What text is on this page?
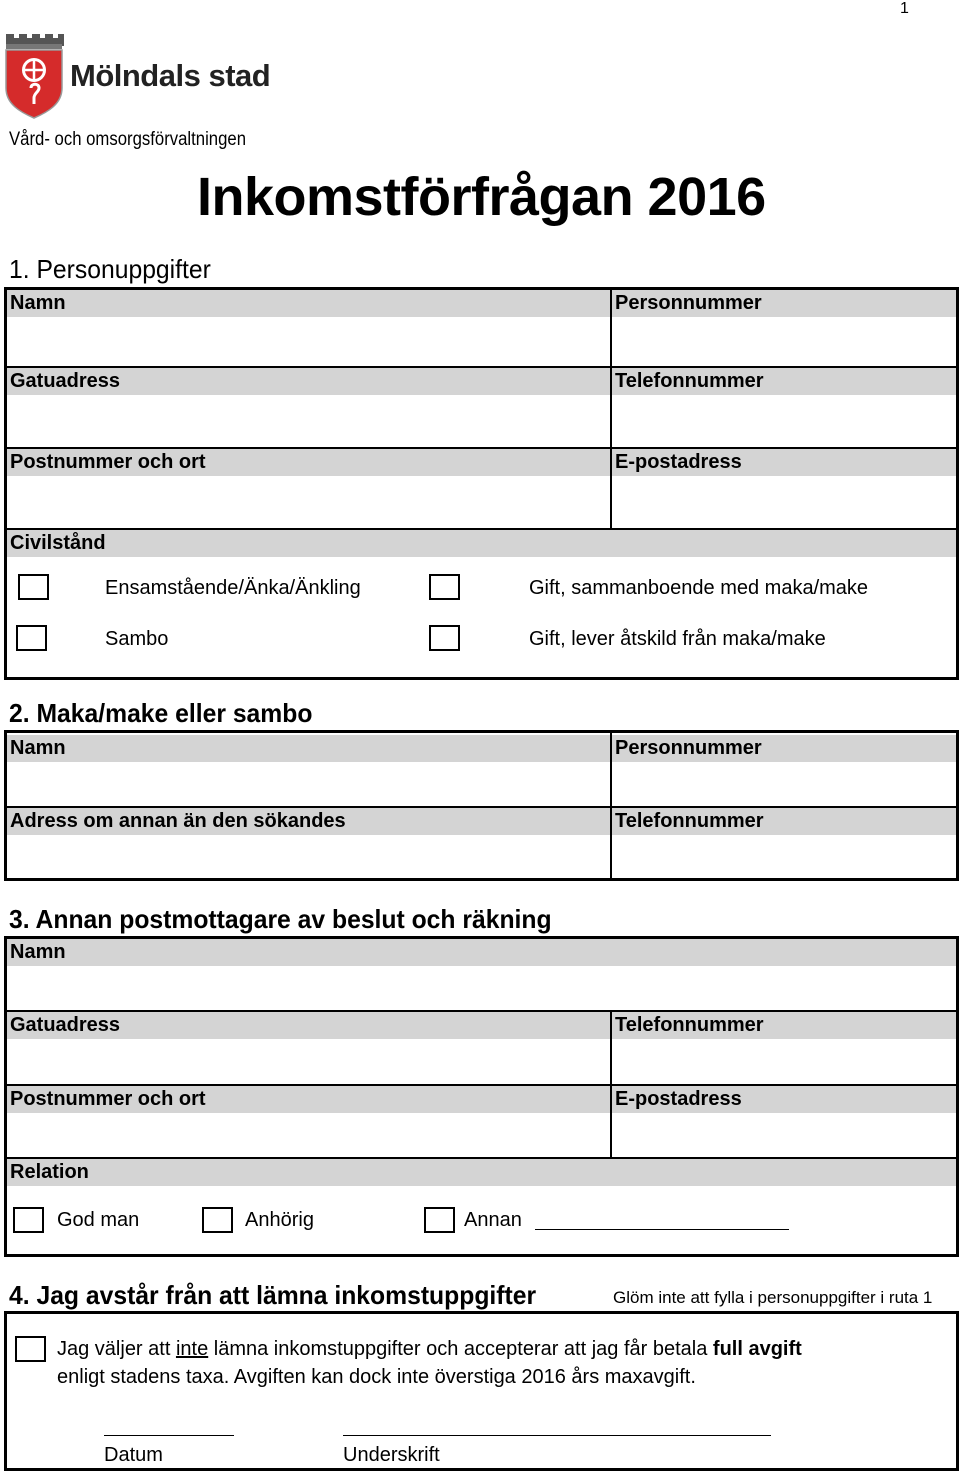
1
Mölndals stad
Vård- och omsorgsförvaltningen
Inkomstförfrågan 2016
1. Personuppgifter
Namn	Personnummer
Gatuadress	Telefonnummer
Postnummer och ort	E-postadress
Civilstånd
Ensamstående/Änka/Änkling	Gift, sammanboende med maka/make
Sambo	Gift, lever åtskild från maka/make
2. Maka/make eller sambo
Namn	Personnummer
Adress om annan än den sökandes	Telefonnummer
3. Annan postmottagare av beslut och räkning
Namn
Gatuadress	Telefonnummer
Postnummer och ort	E-postadress
Relation
God man	Anhörig	Annan
4. Jag avstår från att lämna inkomstuppgifter	Glöm inte att fylla i personuppgifter i ruta 1
Jag väljer att inte lämna inkomstuppgifter och accepterar att jag får betala full avgift
enligt stadens taxa. Avgiften kan dock inte överstiga 2016 års maxavgift.
Datum	Underskrift
